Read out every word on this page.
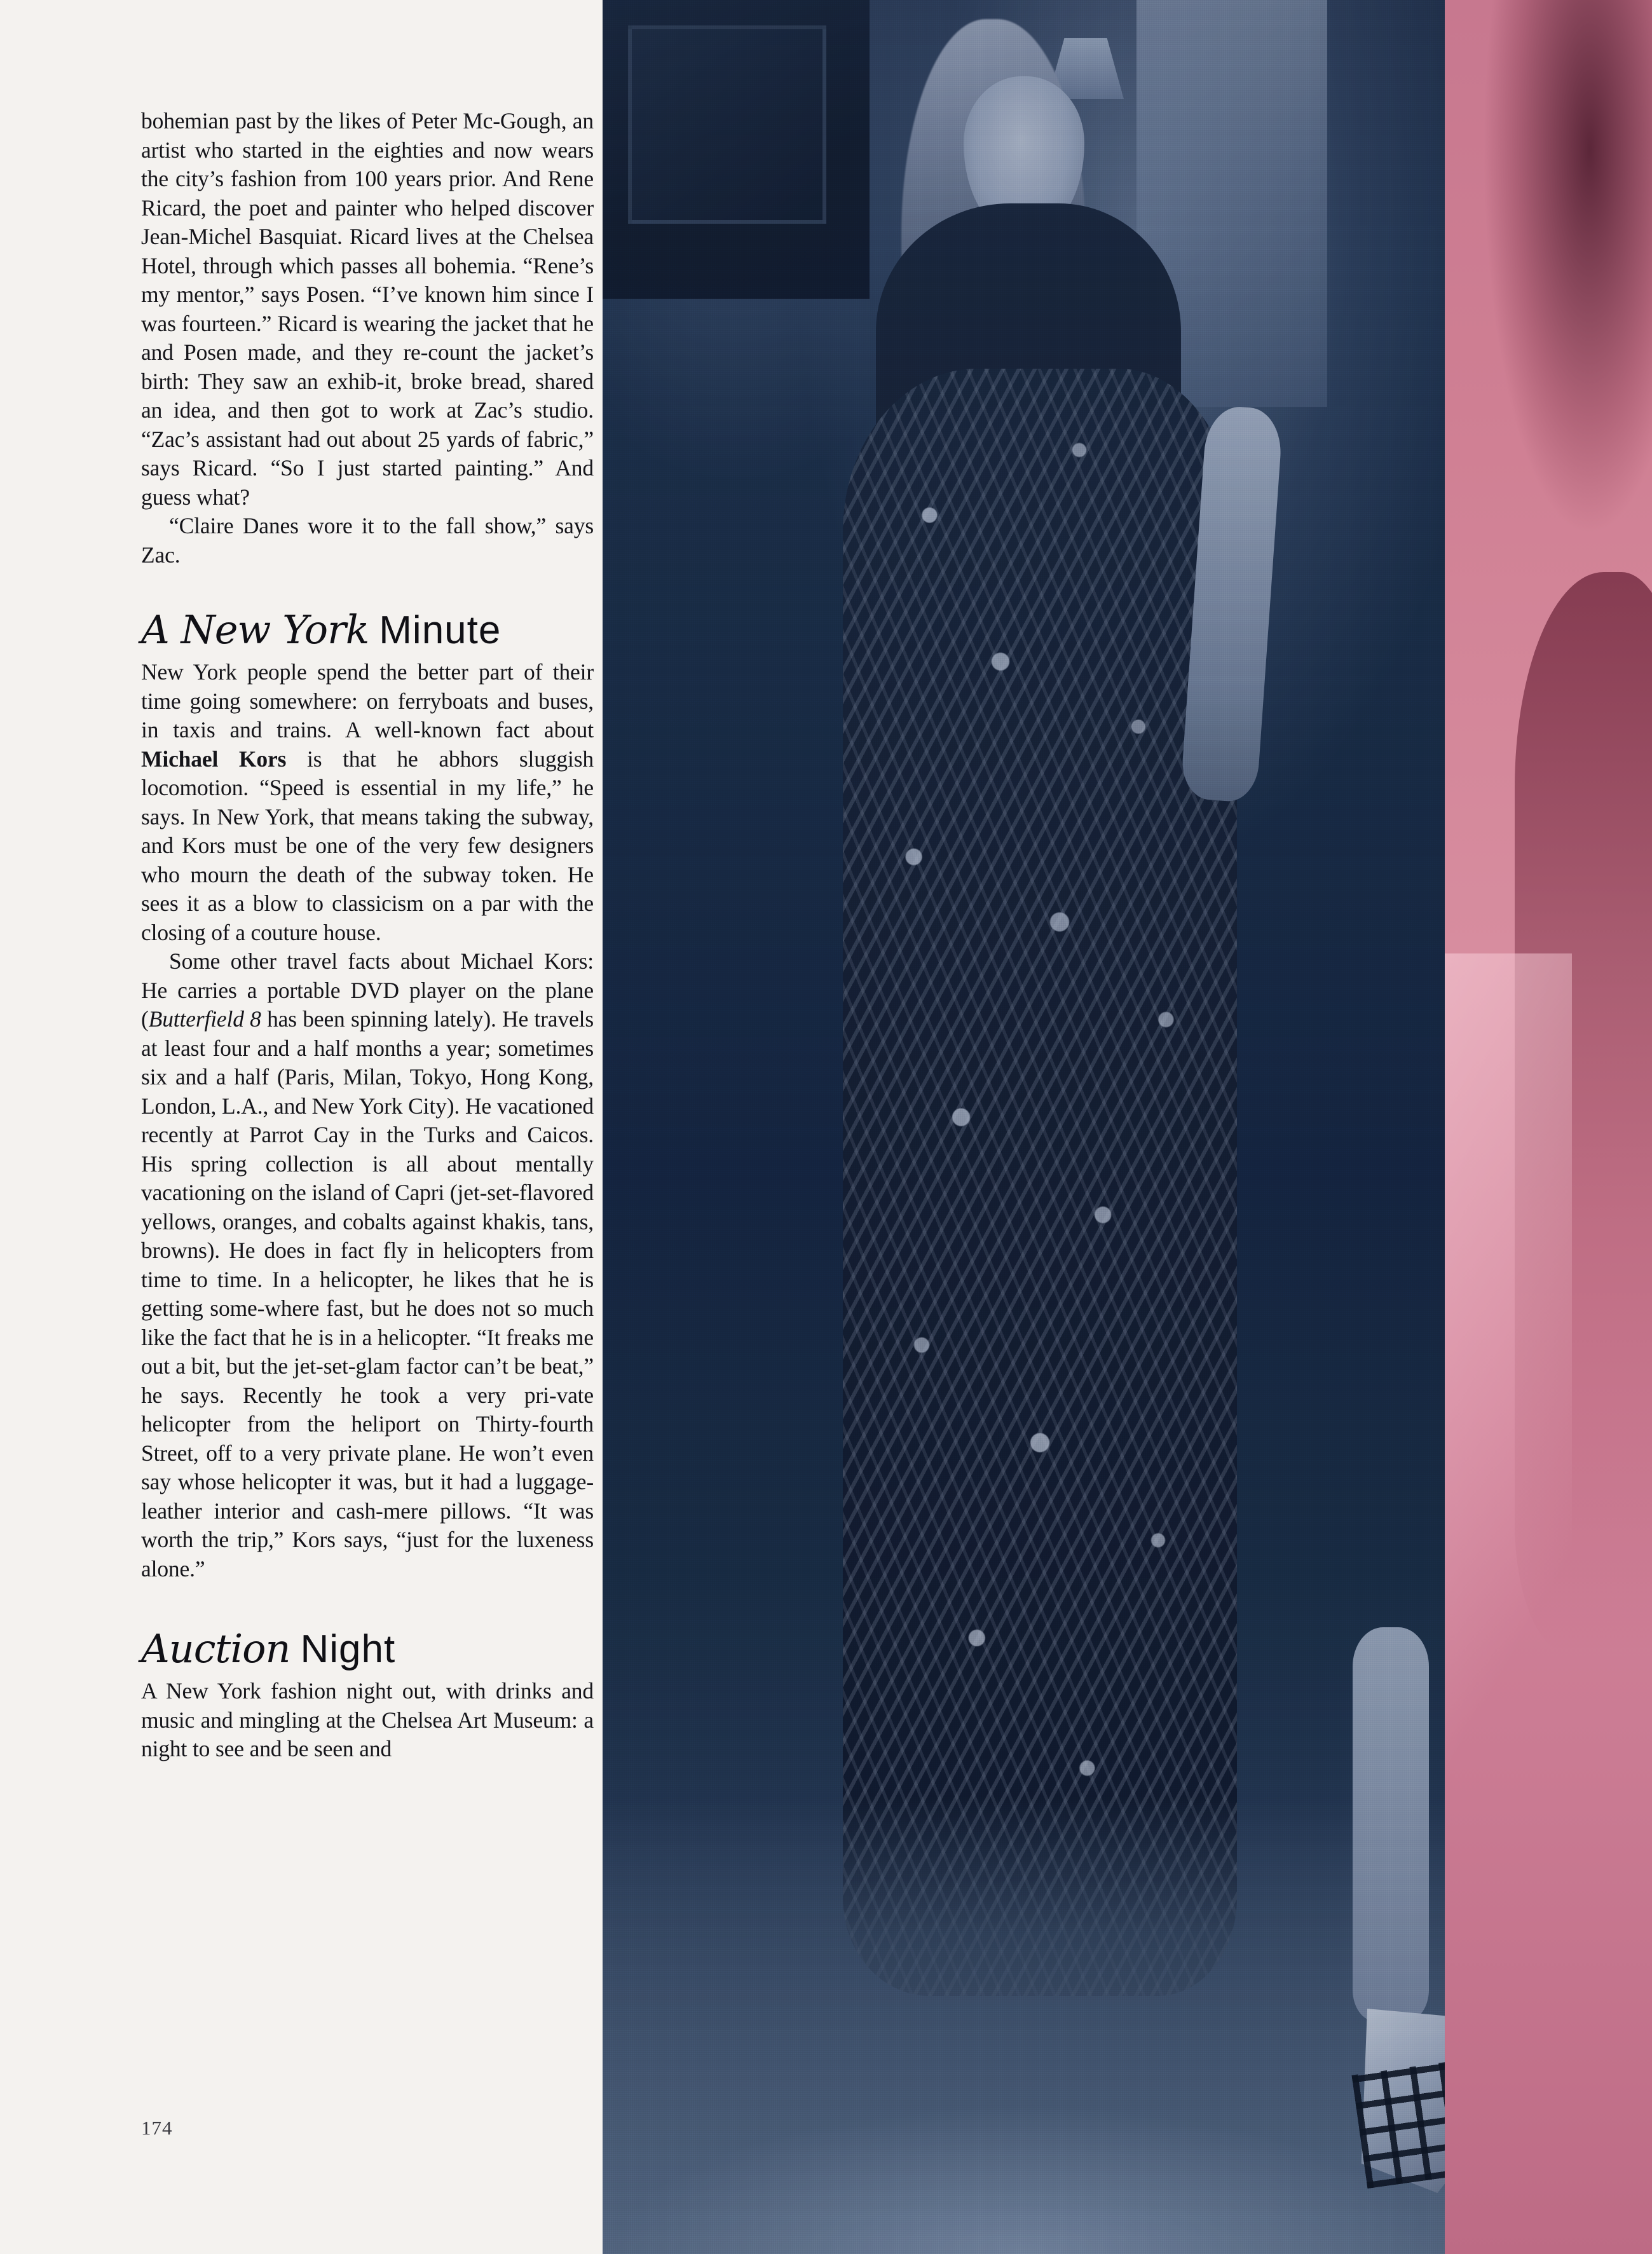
bohemian past by the likes of Peter Mc‑Gough, an artist who started in the eighties and now wears the city’s fashion from 100 years prior. And Rene Ricard, the poet and painter who helped discover Jean-Michel Basquiat. Ricard lives at the Chelsea Hotel, through which passes all bohemia. “Rene’s my mentor,” says Posen. “I’ve known him since I was fourteen.” Ricard is wearing the jacket that he and Posen made, and they re‑count the jacket’s birth: They saw an exhib‑it, broke bread, shared an idea, and then got to work at Zac’s studio. “Zac’s assistant had out about 25 yards of fabric,” says Ricard. “So I just started painting.” And guess what?

“Claire Danes wore it to the fall show,” says Zac.

A New York Minute

New York people spend the better part of their time going somewhere: on ferryboats and buses, in taxis and trains. A well-known fact about Michael Kors is that he abhors sluggish locomotion. “Speed is essential in my life,” he says. In New York, that means taking the subway, and Kors must be one of the very few designers who mourn the death of the subway token. He sees it as a blow to classicism on a par with the closing of a couture house.

Some other travel facts about Michael Kors: He carries a portable DVD player on the plane (Butterfield 8 has been spinning lately). He travels at least four and a half months a year; sometimes six and a half (Paris, Milan, Tokyo, Hong Kong, London, L.A., and New York City). He vacationed recently at Parrot Cay in the Turks and Caicos. His spring collection is all about mentally vacationing on the island of Capri (jet-set-flavored yellows, oranges, and cobalts against khakis, tans, browns). He does in fact fly in helicopters from time to time. In a helicopter, he likes that he is getting some‑where fast, but he does not so much like the fact that he is in a helicopter. “It freaks me out a bit, but the jet-set-glam factor can’t be beat,” he says. Recently he took a very pri‑vate helicopter from the heliport on Thirty-fourth Street, off to a very private plane. He won’t even say whose helicopter it was, but it had a luggage-leather interior and cash‑mere pillows. “It was worth the trip,” Kors says, “just for the luxeness alone.”

Auction Night

A New York fashion night out, with drinks and music and mingling at the Chelsea Art Museum: a night to see and be seen and

174
